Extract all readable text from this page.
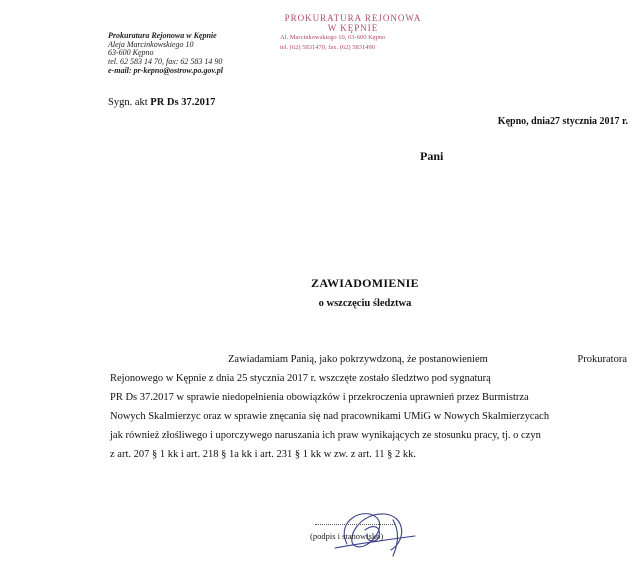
Prokuratura Rejonowa w Kępnie
Aleja Marcinkowskiego 10
63-600 Kępno
tel. 62 583 14 70, fax: 62 583 14 90
e-mail: pr-kepno@ostrow.po.gov.pl
PROKURATURA REJONOWA
W KĘPNIE
Al. Marcinkowskiego 10, 63-600 Kępno
tel. (62) 5831470, fax. (62) 5831490
Sygn. akt PR Ds 37.2017
Kępno, dnia27 stycznia 2017 r.
Pani
ZAWIADOMIENIE
o wszczęciu śledztwa
Zawiadamiam Panią, jako pokrzywdzoną, że postanowieniem	Prokuratora
Rejonowego w Kępnie z dnia 25 stycznia 2017 r. wszczęte zostało śledztwo pod sygnaturą
PR Ds 37.2017 w sprawie niedopełnienia obowiązków i przekroczenia uprawnień przez Burmistrza
Nowych Skalmierzyc oraz w sprawie znęcania się nad pracownikami UMiG w Nowych Skalmierzycach
jak również złośliwego i uporczywego naruszania ich praw wynikających ze stosunku pracy, tj. o czyn
z art. 207 § 1 kk i art. 218 § 1a kk i art. 231 § 1 kk w zw. z art. 11 § 2 kk.
(podpis i stanowisko)
